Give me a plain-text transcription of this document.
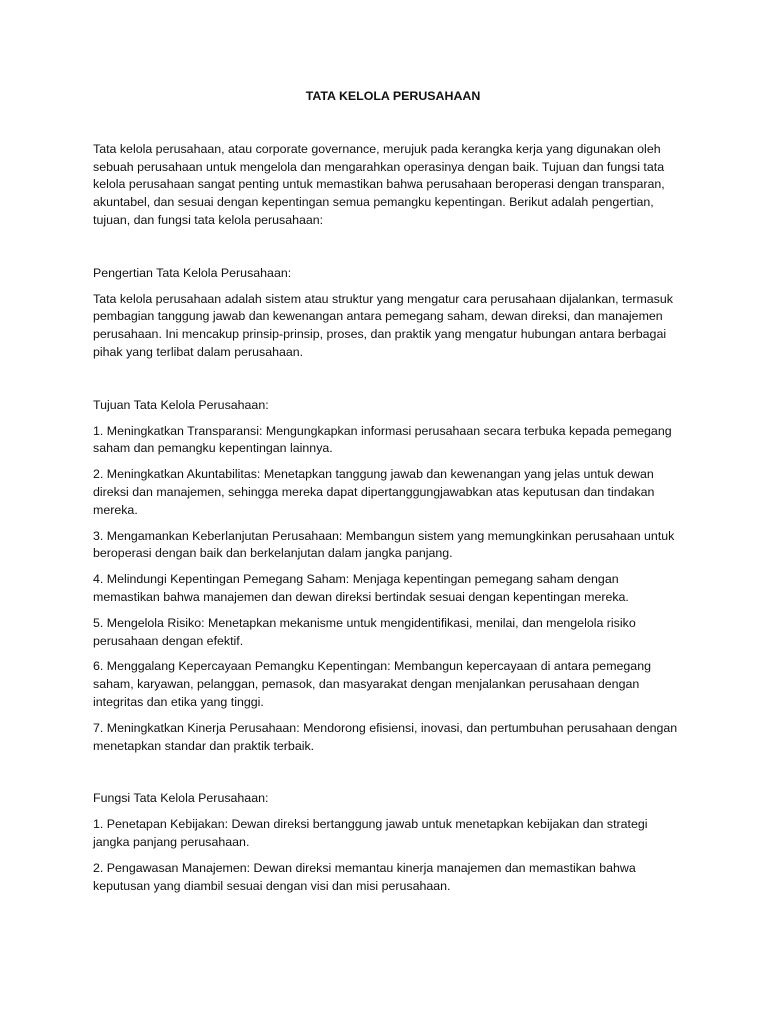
TATA KELOLA PERUSAHAAN

Tata kelola perusahaan, atau corporate governance, merujuk pada kerangka kerja yang digunakan oleh sebuah perusahaan untuk mengelola dan mengarahkan operasinya dengan baik. Tujuan dan fungsi tata kelola perusahaan sangat penting untuk memastikan bahwa perusahaan beroperasi dengan transparan, akuntabel, dan sesuai dengan kepentingan semua pemangku kepentingan. Berikut adalah pengertian, tujuan, dan fungsi tata kelola perusahaan:

Pengertian Tata Kelola Perusahaan:

Tata kelola perusahaan adalah sistem atau struktur yang mengatur cara perusahaan dijalankan, termasuk pembagian tanggung jawab dan kewenangan antara pemegang saham, dewan direksi, dan manajemen perusahaan. Ini mencakup prinsip-prinsip, proses, dan praktik yang mengatur hubungan antara berbagai pihak yang terlibat dalam perusahaan.

Tujuan Tata Kelola Perusahaan:

1. Meningkatkan Transparansi: Mengungkapkan informasi perusahaan secara terbuka kepada pemegang saham dan pemangku kepentingan lainnya.

2. Meningkatkan Akuntabilitas: Menetapkan tanggung jawab dan kewenangan yang jelas untuk dewan direksi dan manajemen, sehingga mereka dapat dipertanggungjawabkan atas keputusan dan tindakan mereka.

3. Mengamankan Keberlanjutan Perusahaan: Membangun sistem yang memungkinkan perusahaan untuk beroperasi dengan baik dan berkelanjutan dalam jangka panjang.

4. Melindungi Kepentingan Pemegang Saham: Menjaga kepentingan pemegang saham dengan memastikan bahwa manajemen dan dewan direksi bertindak sesuai dengan kepentingan mereka.

5. Mengelola Risiko: Menetapkan mekanisme untuk mengidentifikasi, menilai, dan mengelola risiko perusahaan dengan efektif.

6. Menggalang Kepercayaan Pemangku Kepentingan: Membangun kepercayaan di antara pemegang saham, karyawan, pelanggan, pemasok, dan masyarakat dengan menjalankan perusahaan dengan integritas dan etika yang tinggi.

7. Meningkatkan Kinerja Perusahaan: Mendorong efisiensi, inovasi, dan pertumbuhan perusahaan dengan menetapkan standar dan praktik terbaik.

Fungsi Tata Kelola Perusahaan:

1. Penetapan Kebijakan: Dewan direksi bertanggung jawab untuk menetapkan kebijakan dan strategi jangka panjang perusahaan.

2. Pengawasan Manajemen: Dewan direksi memantau kinerja manajemen dan memastikan bahwa keputusan yang diambil sesuai dengan visi dan misi perusahaan.
